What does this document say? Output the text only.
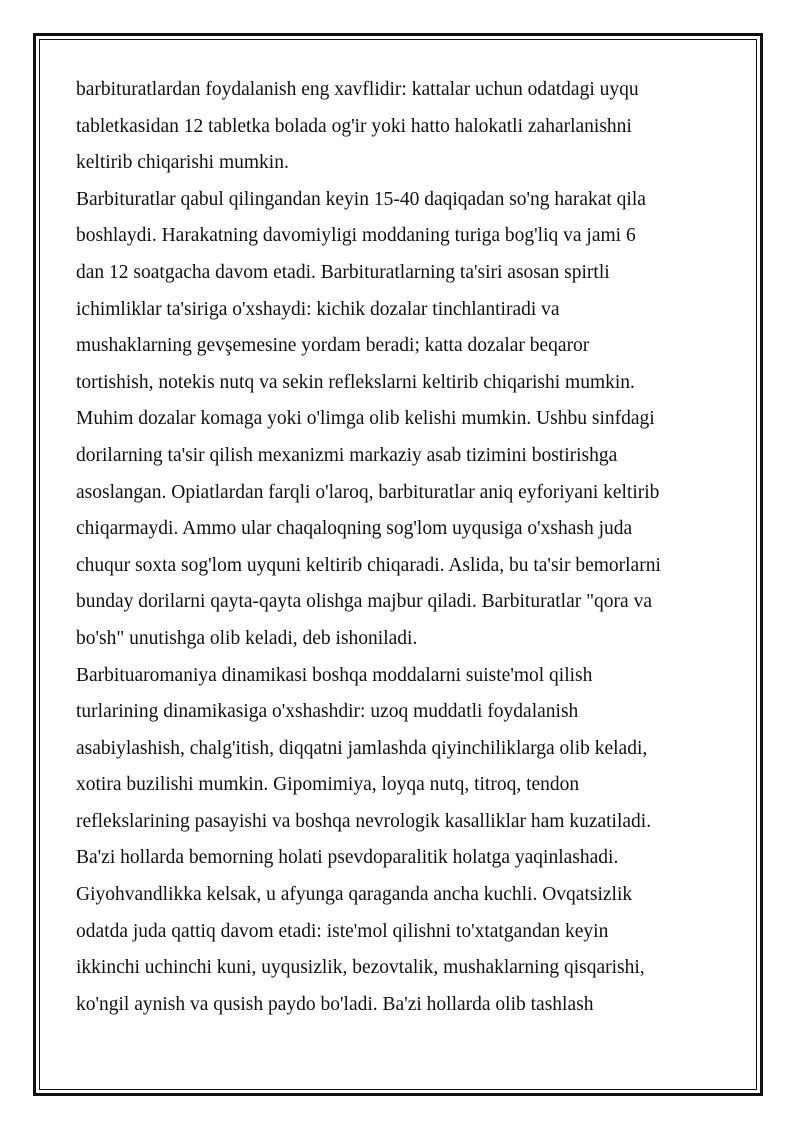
barbituratlardan foydalanish eng xavflidir: kattalar uchun odatdagi uyqu
tabletkasidan 12 tabletka bolada og'ir yoki hatto halokatli zaharlanishni
keltirib chiqarishi mumkin.
Barbituratlar qabul qilingandan keyin 15-40 daqiqadan so'ng harakat qila
boshlaydi. Harakatning davomiyligi moddaning turiga bog'liq va jami 6
dan 12 soatgacha davom etadi. Barbituratlarning ta'siri asosan spirtli
ichimliklar ta'siriga o'xshaydi: kichik dozalar tinchlantiradi va
mushaklarning gevşemesine yordam beradi; katta dozalar beqaror
tortishish, notekis nutq va sekin reflekslarni keltirib chiqarishi mumkin.
Muhim dozalar komaga yoki o'limga olib kelishi mumkin. Ushbu sinfdagi
dorilarning ta'sir qilish mexanizmi markaziy asab tizimini bostirishga
asoslangan. Opiatlardan farqli o'laroq, barbituratlar aniq eyforiyani keltirib
chiqarmaydi. Ammo ular chaqaloqning sog'lom uyqusiga o'xshash juda
chuqur soxta sog'lom uyquni keltirib chiqaradi. Aslida, bu ta'sir bemorlarni
bunday dorilarni qayta-qayta olishga majbur qiladi. Barbituratlar "qora va
bo'sh" unutishga olib keladi, deb ishoniladi.
Barbituaromaniya dinamikasi boshqa moddalarni suiste'mol qilish
turlarining dinamikasiga o'xshashdir: uzoq muddatli foydalanish
asabiylashish, chalg'itish, diqqatni jamlashda qiyinchiliklarga olib keladi,
xotira buzilishi mumkin. Gipomimiya, loyqa nutq, titroq, tendon
reflekslarining pasayishi va boshqa nevrologik kasalliklar ham kuzatiladi.
Ba'zi hollarda bemorning holati psevdoparalitik holatga yaqinlashadi.
Giyohvandlikka kelsak, u afyunga qaraganda ancha kuchli. Ovqatsizlik
odatda juda qattiq davom etadi: iste'mol qilishni to'xtatgandan keyin
ikkinchi uchinchi kuni, uyqusizlik, bezovtalik, mushaklarning qisqarishi,
ko'ngil aynish va qusish paydo bo'ladi. Ba'zi hollarda olib tashlash
